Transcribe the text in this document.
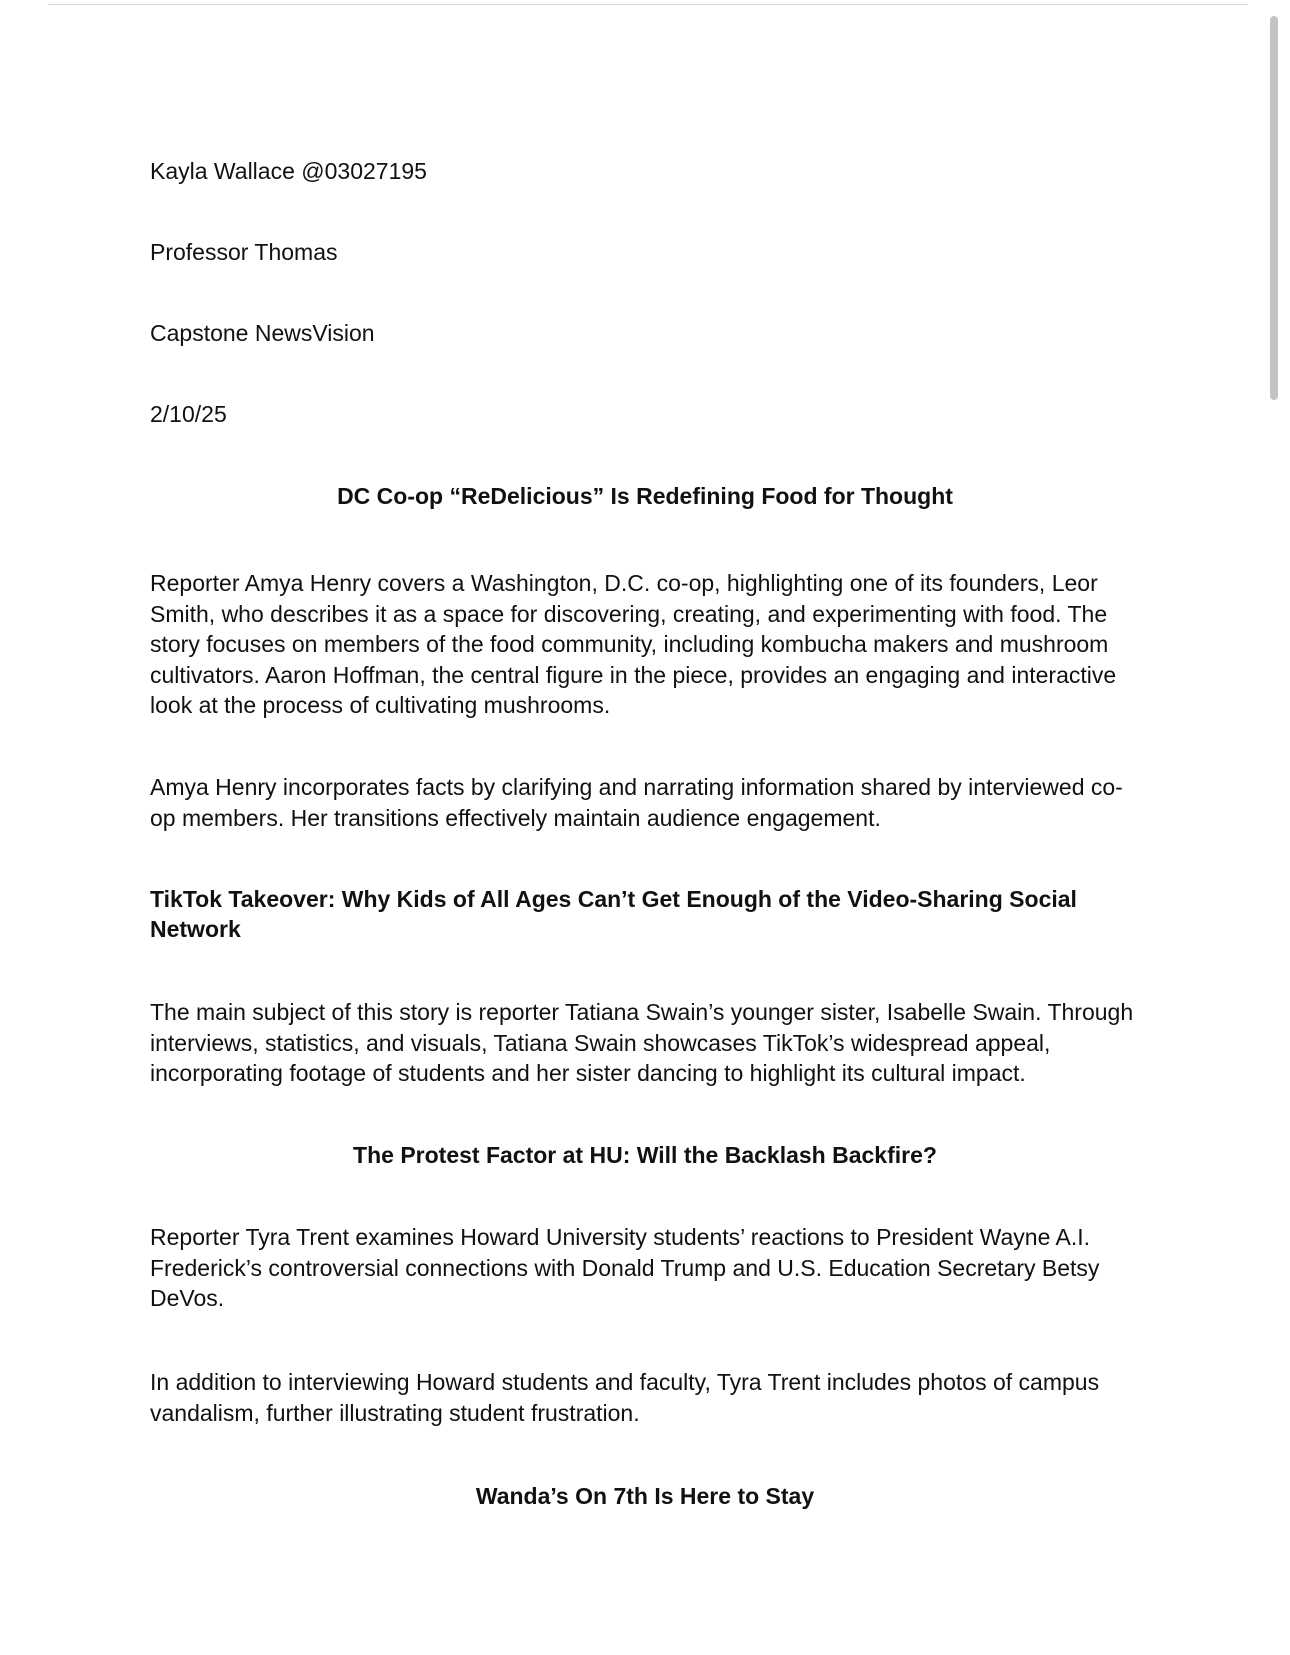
Kayla Wallace @03027195
Professor Thomas
Capstone NewsVision
2/10/25
DC Co-op “ReDelicious” Is Redefining Food for Thought
Reporter Amya Henry covers a Washington, D.C. co-op, highlighting one of its founders, Leor Smith, who describes it as a space for discovering, creating, and experimenting with food. The story focuses on members of the food community, including kombucha makers and mushroom cultivators. Aaron Hoffman, the central figure in the piece, provides an engaging and interactive look at the process of cultivating mushrooms.
Amya Henry incorporates facts by clarifying and narrating information shared by interviewed co-op members. Her transitions effectively maintain audience engagement.
TikTok Takeover: Why Kids of All Ages Can’t Get Enough of the Video-Sharing Social Network
The main subject of this story is reporter Tatiana Swain’s younger sister, Isabelle Swain. Through interviews, statistics, and visuals, Tatiana Swain showcases TikTok’s widespread appeal, incorporating footage of students and her sister dancing to highlight its cultural impact.
The Protest Factor at HU: Will the Backlash Backfire?
Reporter Tyra Trent examines Howard University students’ reactions to President Wayne A.I. Frederick’s controversial connections with Donald Trump and U.S. Education Secretary Betsy DeVos.
In addition to interviewing Howard students and faculty, Tyra Trent includes photos of campus vandalism, further illustrating student frustration.
Wanda’s On 7th Is Here to Stay
